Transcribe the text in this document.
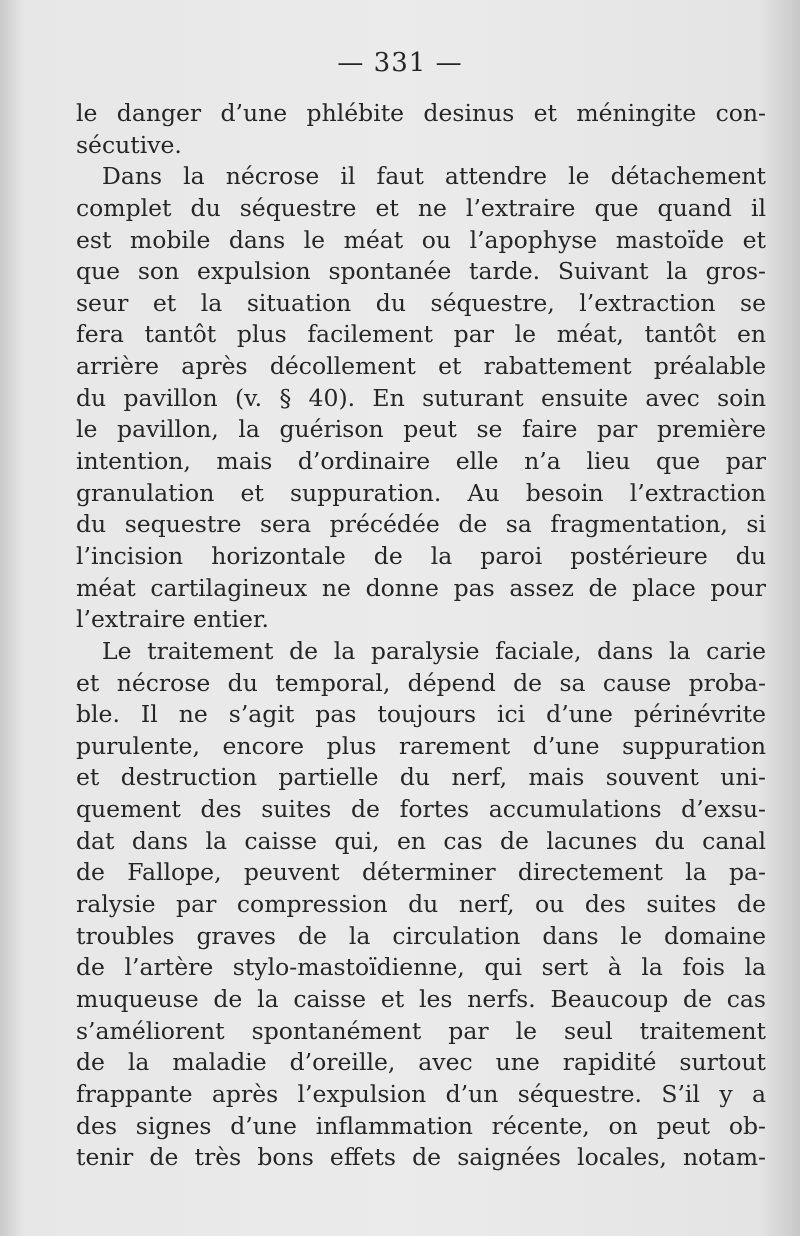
— 331 —
le danger d’une phlébite desinus et méningite con-
sécutive.
Dans la nécrose il faut attendre le détachement
complet du séquestre et ne l’extraire que quand il
est mobile dans le méat ou l’apophyse mastoïde et
que son expulsion spontanée tarde. Suivant la gros-
seur et la situation du séquestre, l’extraction se
fera tantôt plus facilement par le méat, tantôt en
arrière après décollement et rabattement préalable
du pavillon (v. § 40). En suturant ensuite avec soin
le pavillon, la guérison peut se faire par première
intention, mais d’ordinaire elle n’a lieu que par
granulation et suppuration. Au besoin l’extraction
du sequestre sera précédée de sa fragmentation, si
l’incision horizontale de la paroi postérieure du
méat cartilagineux ne donne pas assez de place pour
l’extraire entier.
Le traitement de la paralysie faciale, dans la carie
et nécrose du temporal, dépend de sa cause proba-
ble. Il ne s’agit pas toujours ici d’une périnévrite
purulente, encore plus rarement d’une suppuration
et destruction partielle du nerf, mais souvent uni-
quement des suites de fortes accumulations d’exsu-
dat dans la caisse qui, en cas de lacunes du canal
de Fallope, peuvent déterminer directement la pa-
ralysie par compression du nerf, ou des suites de
troubles graves de la circulation dans le domaine
de l’artère stylo-mastoïdienne, qui sert à la fois la
muqueuse de la caisse et les nerfs. Beaucoup de cas
s’améliorent spontanément par le seul traitement
de la maladie d’oreille, avec une rapidité surtout
frappante après l’expulsion d’un séquestre. S’il y a
des signes d’une inflammation récente, on peut ob-
tenir de très bons effets de saignées locales, notam-
